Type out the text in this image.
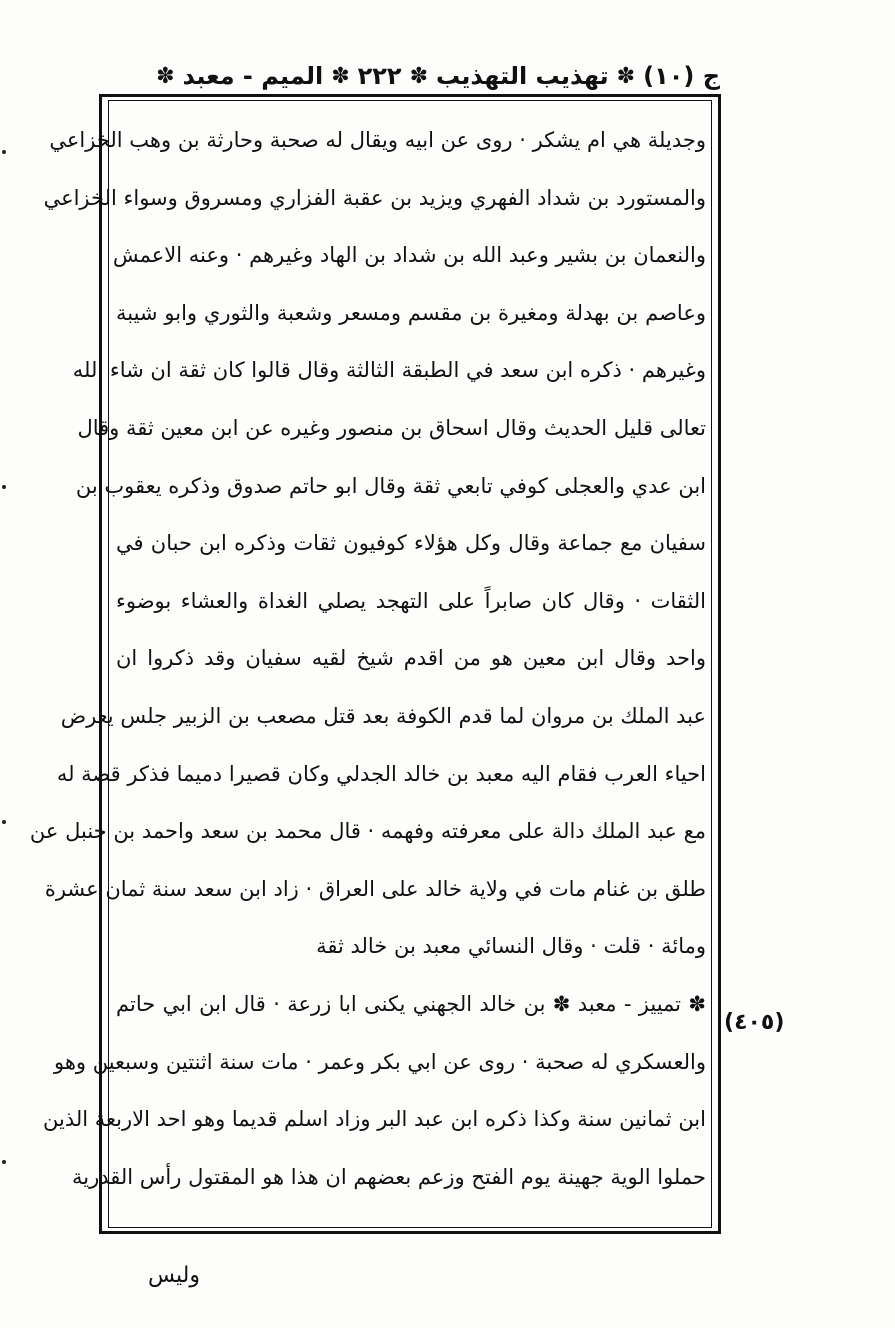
ج (١٠)
✽
تهذيب التهذيب
✽
٢٢٢
✽
الميم - معبد
✽
وجديلة هي ام يشكر · روى عن ابيه ويقال له صحبة وحارثة بن وهب الخزاعي
والمستورد بن شداد الفهري ويزيد بن عقبة الفزاري ومسروق وسواء الخزاعي
والنعمان بن بشير وعبد الله بن شداد بن الهاد وغيرهم · وعنه الاعمش
وعاصم بن بهدلة ومغيرة بن مقسم ومسعر وشعبة والثوري وابو شيبة
وغيرهم · ذكره ابن سعد في الطبقة الثالثة وقال قالوا كان ثقة ان شاء الله
تعالى قليل الحديث وقال اسحاق بن منصور وغيره عن ابن معين ثقة وقال
ابن عدي والعجلى كوفي تابعي ثقة وقال ابو حاتم صدوق وذكره يعقوب بن
سفيان مع جماعة وقال وكل هؤلاء كوفيون ثقات وذكره ابن حبان في
الثقات · وقال كان صابراً على التهجد يصلي الغداة والعشاء بوضوء
واحد وقال ابن معين هو من اقدم شيخ لقيه سفيان وقد ذكروا ان
عبد الملك بن مروان لما قدم الكوفة بعد قتل مصعب بن الزبير جلس يعرض
احياء العرب فقام اليه معبد بن خالد الجدلي وكان قصيرا دميما فذكر قصة له
مع عبد الملك دالة على معرفته وفهمه · قال محمد بن سعد واحمد بن حنبل عن
طلق بن غنام مات في ولاية خالد على العراق · زاد ابن سعد سنة ثمان عشرة
ومائة · قلت · وقال النسائي معبد بن خالد ثقة
✽ تمييز - معبد ✽ بن خالد الجهني يكنى ابا زرعة · قال ابن ابي حاتم
والعسكري له صحبة · روى عن ابي بكر وعمر · مات سنة اثنتين وسبعين وهو
ابن ثمانين سنة وكذا ذكره ابن عبد البر وزاد اسلم قديما وهو احد الاربعة الذين
حملوا الوية جهينة يوم الفتح وزعم بعضهم ان هذا هو المقتول رأس القدرية
(٤٠٥)
وليس
